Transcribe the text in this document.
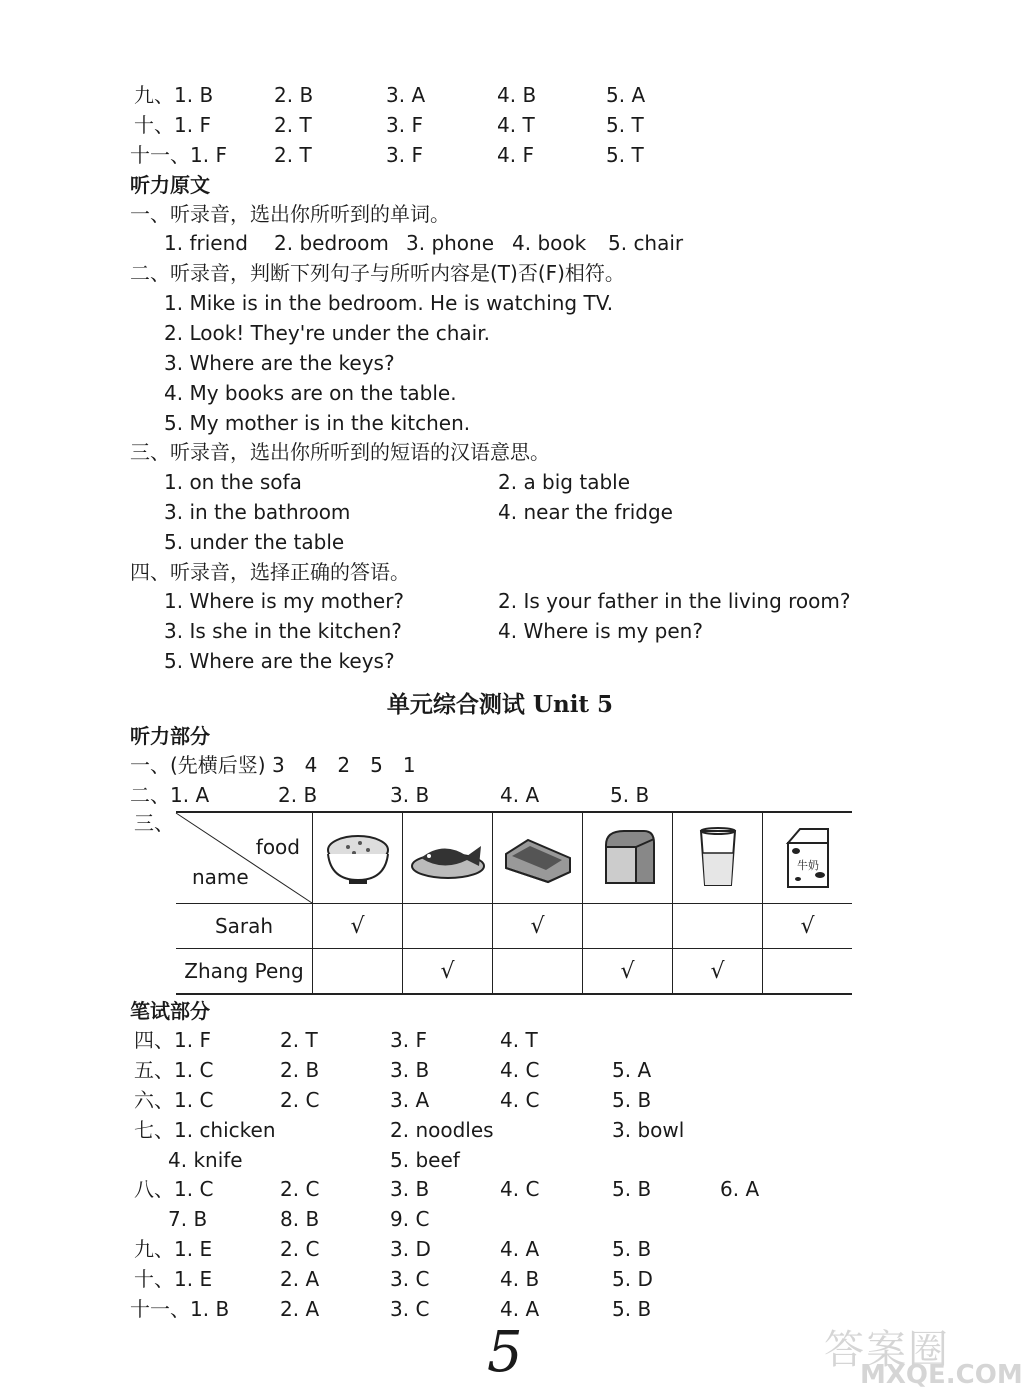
九、1. B	2. B	3. A	4. B	5. A
十、1. F	2. T	3. F	4. T	5. T
十一、1. F 2. T	3. F	4. F	5. T
听力原文
一、听录音，选出你所听到的单词。
1. friend 2. bedroom 3. phone 4. book 5. chair
二、听录音，判断下列句子与所听内容是(T)否(F)相符。
1. Mike is in the bedroom. He is watching TV.
2. Look! They're under the chair.
3. Where are the keys?
4. My books are on the table.
5. My mother is in the kitchen.
三、听录音，选出你所听到的短语的汉语意思。
1. on the sofa	2. a big table
3. in the bathroom	4. near the fridge
5. under the table
四、听录音，选择正确的答语。
1. Where is my mother?	2. Is your father in the living room?
3. Is she in the kitchen?	4. Where is my pen?
5. Where are the keys?
单元综合测试 Unit 5
听力部分
一、(先横后竖) 3　4　2　5　1
二、1. A	2. B	3. B	4. A	5. B
三、
food
name						牛奶

Sarah	√		√			√
Zhang Peng		√		√	√	
笔试部分
四、1. F	2. T	3. F	4. T
五、1. C	2. B	3. B	4. C	5. A
六、1. C	2. C	3. A	4. C	5. B
七、1. chicken	2. noodles	3. bowl
4. knife	5. beef
八、1. C	2. C	3. B	4. C	5. B	6. A
7. B	8. B	9. C
九、1. E	2. C	3. D	4. A	5. B
十、1. E	2. A	3. C	4. B	5. D
十一、1. B	2. A	3. C	4. A	5. B
5	答案圈
MXQE.COM
